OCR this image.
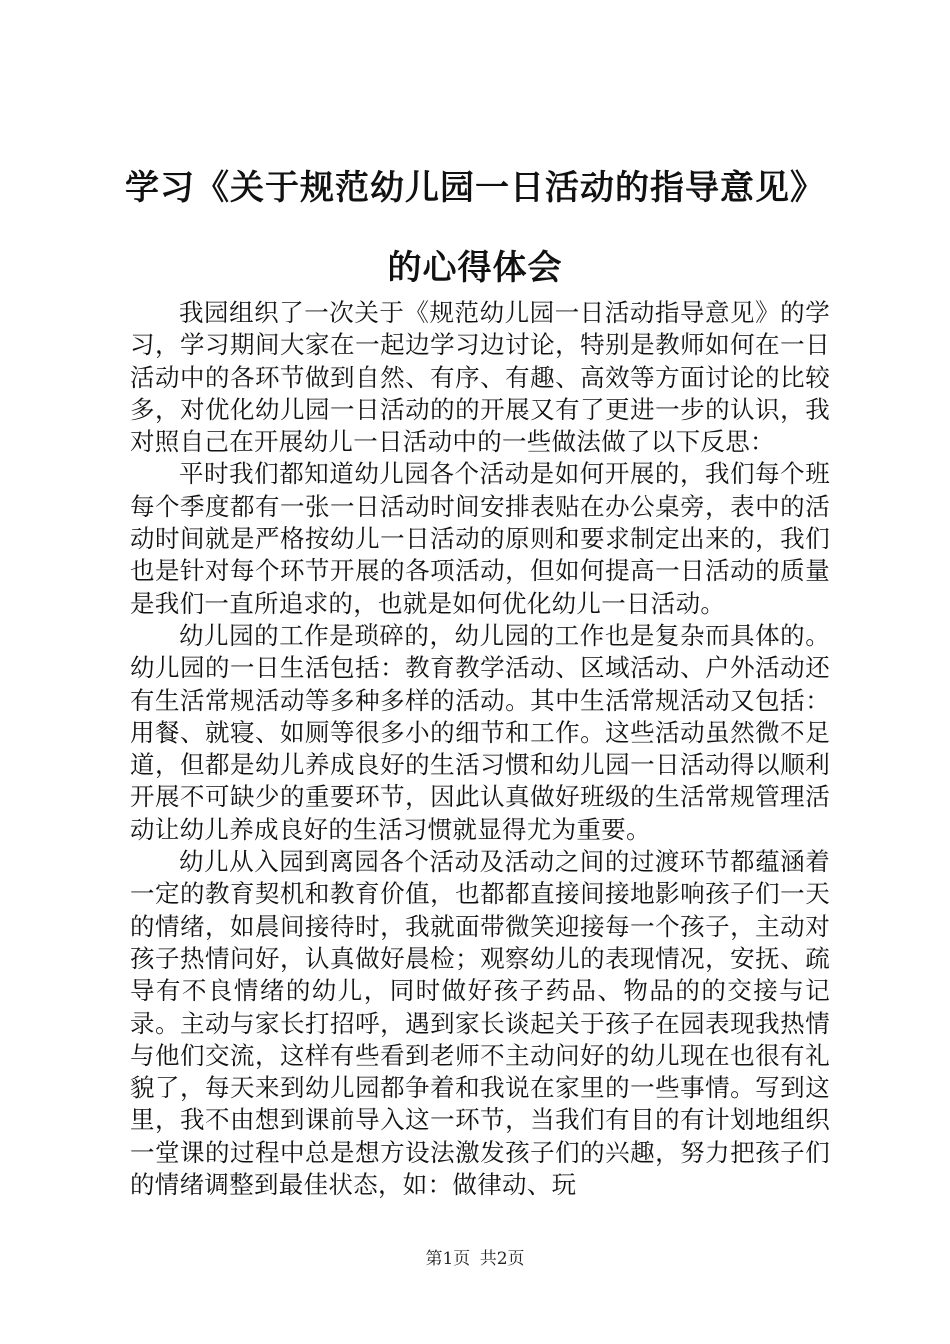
学习《关于规范幼儿园一日活动的指导意见》
的心得体会

我园组织了一次关于《规范幼儿园一日活动指导意见》的学习，学习期间大家在一起边学习边讨论，特别是教师如何在一日活动中的各环节做到自然、有序、有趣、高效等方面讨论的比较多，对优化幼儿园一日活动的的开展又有了更进一步的认识，我对照自己在开展幼儿一日活动中的一些做法做了以下反思：

平时我们都知道幼儿园各个活动是如何开展的，我们每个班每个季度都有一张一日活动时间安排表贴在办公桌旁，表中的活动时间就是严格按幼儿一日活动的原则和要求制定出来的，我们也是针对每个环节开展的各项活动，但如何提高一日活动的质量是我们一直所追求的，也就是如何优化幼儿一日活动。

幼儿园的工作是琐碎的，幼儿园的工作也是复杂而具体的。幼儿园的一日生活包括：教育教学活动、区域活动、户外活动还有生活常规活动等多种多样的活动。其中生活常规活动又包括：用餐、就寝、如厕等很多小的细节和工作。这些活动虽然微不足道，但都是幼儿养成良好的生活习惯和幼儿园一日活动得以顺利开展不可缺少的重要环节，因此认真做好班级的生活常规管理活动让幼儿养成良好的生活习惯就显得尤为重要。

幼儿从入园到离园各个活动及活动之间的过渡环节都蕴涵着一定的教育契机和教育价值，也都都直接间接地影响孩子们一天的情绪，如晨间接待时，我就面带微笑迎接每一个孩子，主动对孩子热情问好，认真做好晨检；观察幼儿的表现情况，安抚、疏导有不良情绪的幼儿，同时做好孩子药品、物品的的交接与记录。主动与家长打招呼，遇到家长谈起关于孩子在园表现我热情与他们交流，这样有些看到老师不主动问好的幼儿现在也很有礼貌了，每天来到幼儿园都争着和我说在家里的一些事情。写到这里，我不由想到课前导入这一环节，当我们有目的有计划地组织一堂课的过程中总是想方设法激发孩子们的兴趣，努力把孩子们的情绪调整到最佳状态，如：做律动、玩

第1页 共2页
